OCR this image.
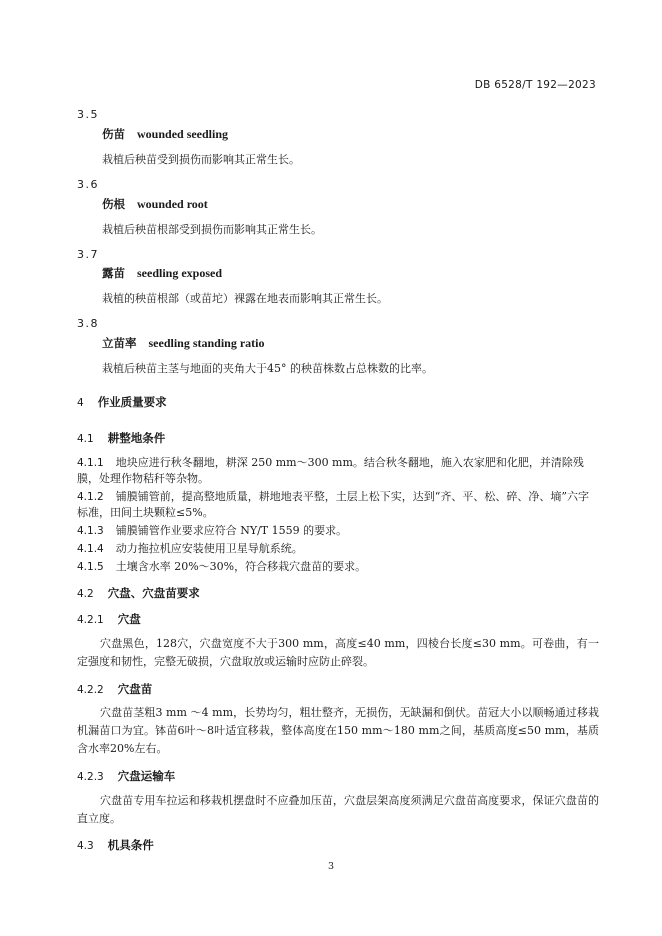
DB 6528/T 192—2023
3.5
伤苗 wounded seedling
栽植后秧苗受到损伤而影响其正常生长。
3.6
伤根 wounded root
栽植后秧苗根部受到损伤而影响其正常生长。
3.7
露苗 seedling exposed
栽植的秧苗根部（或苗坨）裸露在地表而影响其正常生长。
3.8
立苗率 seedling standing ratio
栽植后秧苗主茎与地面的夹角大于45° 的秧苗株数占总株数的比率。
4 作业质量要求
4.1 耕整地条件
4.1.1 地块应进行秋冬翻地，耕深 250 mm～300 mm。结合秋冬翻地，施入农家肥和化肥，并清除残膜，处理作物秸秆等杂物。
4.1.2 铺膜铺管前，提高整地质量，耕地地表平整，土层上松下实，达到“齐、平、松、碎、净、墒”六字标准，田间土块颗粒≤5%。
4.1.3 铺膜铺管作业要求应符合 NY/T 1559 的要求。
4.1.4 动力拖拉机应安装使用卫星导航系统。
4.1.5 土壤含水率 20%～30%，符合移栽穴盘苗的要求。
4.2 穴盘、穴盘苗要求
4.2.1 穴盘
穴盘黑色，128穴，穴盘宽度不大于300 mm，高度≤40 mm，四棱台长度≤30 mm。可卷曲，有一定强度和韧性，完整无破损，穴盘取放或运输时应防止碎裂。
4.2.2 穴盘苗
穴盘苗茎粗3 mm ～4 mm，长势均匀，粗壮整齐，无损伤，无缺漏和倒伏。苗冠大小以顺畅通过移栽机漏苗口为宜。钵苗6叶～8叶适宜移栽，整体高度在150 mm～180 mm之间，基质高度≤50 mm，基质含水率20%左右。
4.2.3 穴盘运输车
穴盘苗专用车拉运和移栽机摆盘时不应叠加压苗，穴盘层架高度须满足穴盘苗高度要求，保证穴盘苗的直立度。
4.3 机具条件
3
